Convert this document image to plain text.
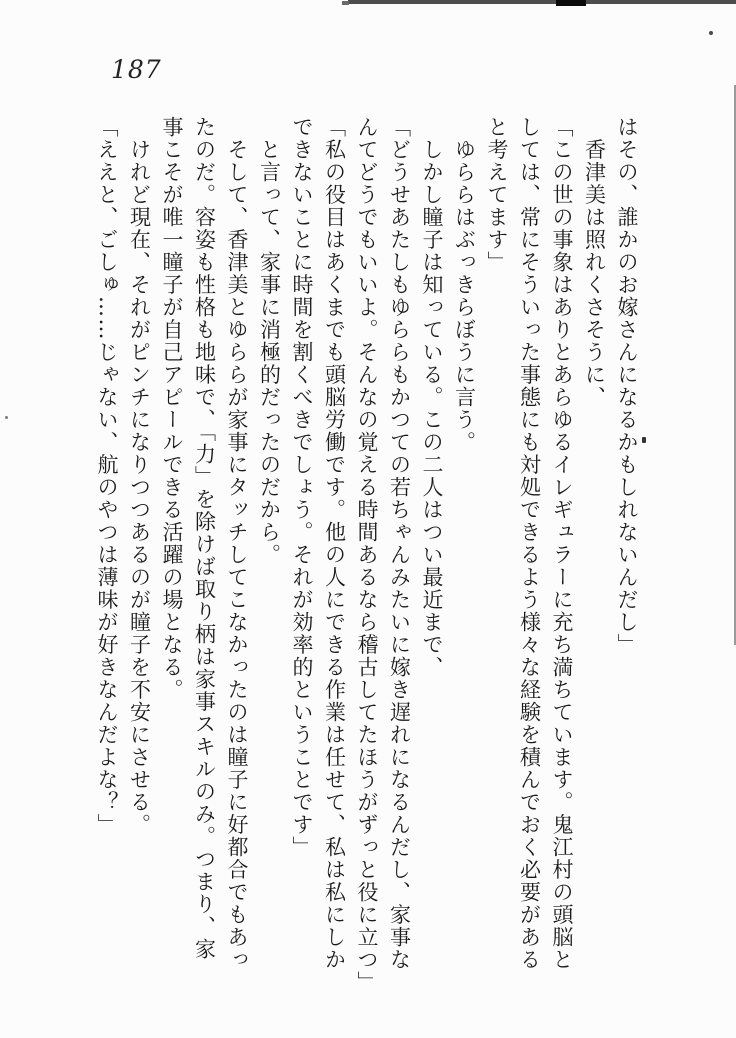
187

はその、誰かのお嫁さんになるかもしれないんだし」

　香津美は照れくさそうに、

「この世の事象はありとあらゆるイレギュラーに充ち満ちています。鬼江村の頭脳と

しては、常にそういった事態にも対処できるよう様々な経験を積んでおく必要がある

と考えてます」

　ゆららはぶっきらぼうに言う。

　しかし瞳子は知っている。この二人はつい最近まで、

「どうせあたしもゆららもかつての若ちゃんみたいに嫁き遅れになるんだし、家事な

んてどうでもいいよ。そんなの覚える時間あるなら稽古してたほうがずっと役に立つ」

「私の役目はあくまでも頭脳労働です。他の人にできる作業は任せて、私は私にしか

できないことに時間を割くべきでしょう。それが効率的ということです」

　と言って、家事に消極的だったのだから。

　そして、香津美とゆららが家事にタッチしてこなかったのは瞳子に好都合でもあっ

たのだ。容姿も性格も地味で、「力」を除けば取り柄は家事スキルのみ。つまり、家

事こそが唯一瞳子が自己アピールできる活躍の場となる。

　けれど現在、それがピンチになりつつあるのが瞳子を不安にさせる。

「ええと、ごしゅ……じゃない、航のやつは薄味が好きなんだよな？」
